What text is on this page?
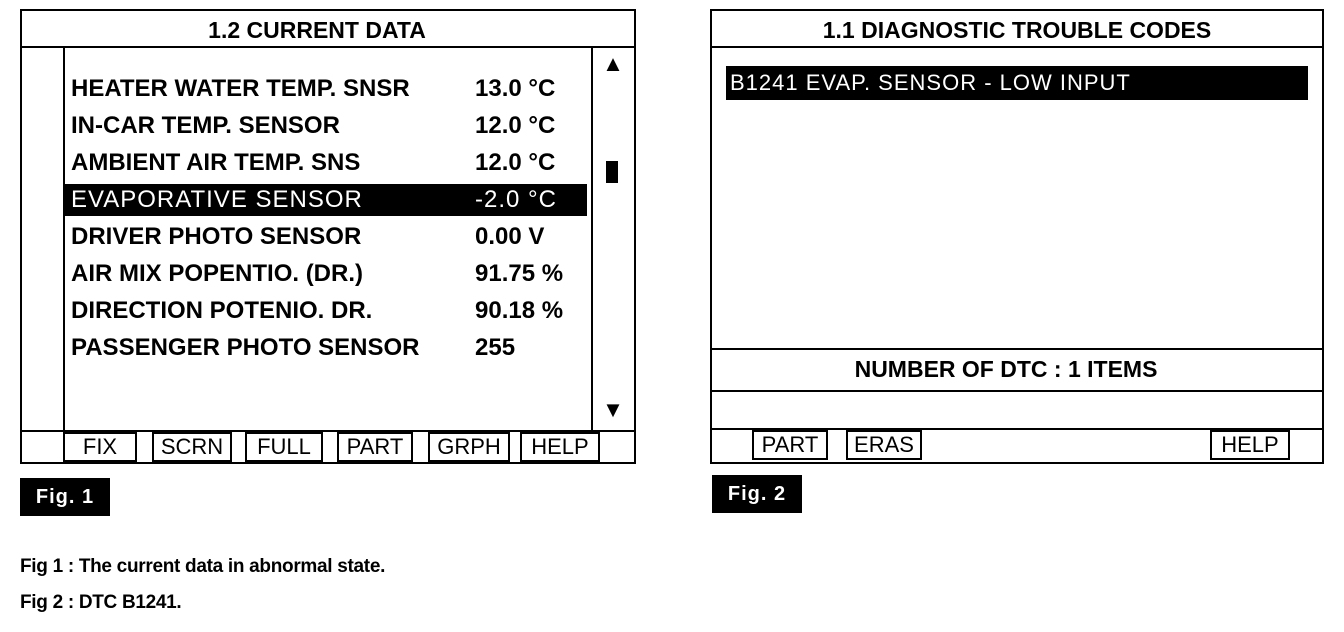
1.2 CURRENT DATA
HEATER WATER TEMP. SNSR	13.0 °C
IN-CAR TEMP. SENSOR	12.0 °C
AMBIENT AIR TEMP. SNS	12.0 °C
EVAPORATIVE SENSOR	-2.0 °C
DRIVER PHOTO SENSOR	0.00 V
AIR MIX POPENTIO. (DR.)	91.75 %
DIRECTION POTENIO. DR.	90.18 %
PASSENGER PHOTO SENSOR 255
▲
▼
FIX	SCRN	FULL	PART	GRPH	HELP
Fig. 1
1.1 DIAGNOSTIC TROUBLE CODES
B1241 EVAP. SENSOR - LOW INPUT
NUMBER OF DTC : 1 ITEMS
PART	ERAS	HELP
Fig. 2
Fig 1 : The current data in abnormal state.
Fig 2 : DTC B1241.
